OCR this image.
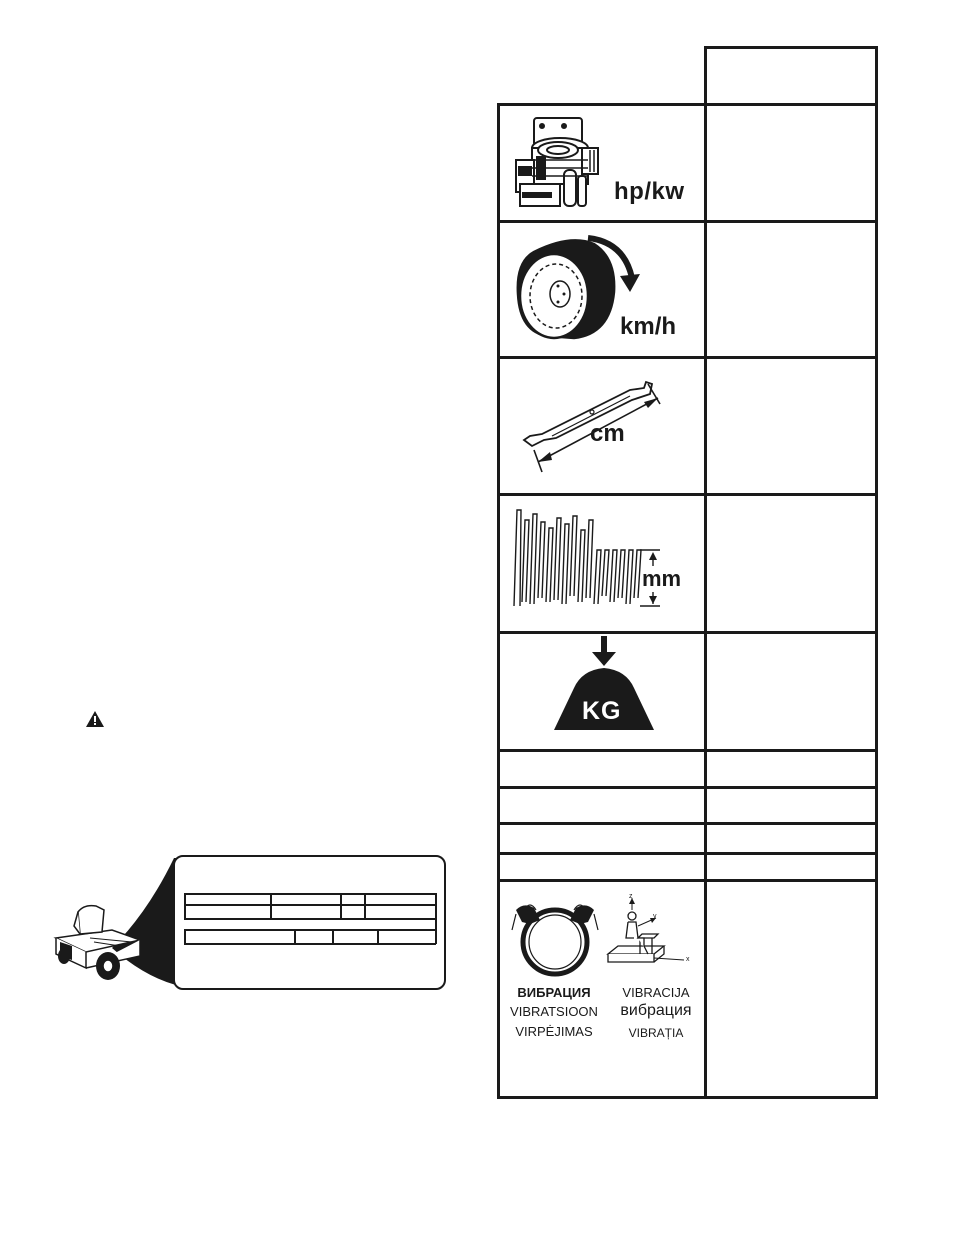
hp/kw
km/h
cm
mm
KG
z
y
x
ВИБРАЦИЯ
VIBRATSIOON
VIRPĖJIMAS
VIBRACIJA
вибрация
VIBRAȚIA
